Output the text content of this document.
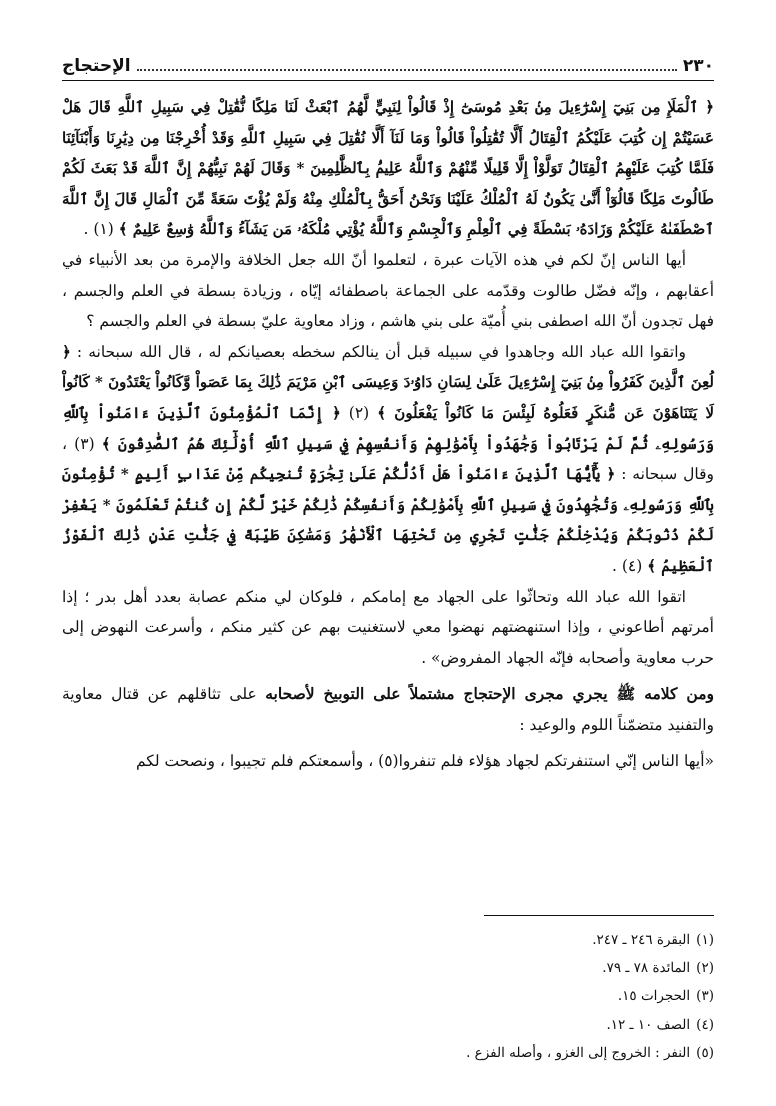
٢٣٠
الإحتجاج

﴿ ٱلْمَلَإِ مِن بَنِيٓ إِسْرَٰٓءِيلَ مِنۢ بَعْدِ مُوسَىٰٓ إِذْ قَالُواْ لِنَبِيٍّ لَّهُمُ ٱبْعَثْ لَنَا مَلِكًا نُّقَٰتِلْ فِي سَبِيلِ ٱللَّهِ قَالَ هَلْ عَسَيْتُمْ إِن كُتِبَ عَلَيْكُمُ ٱلْقِتَالُ أَلَّا تُقَٰتِلُواْ قَالُواْ وَمَا لَنَآ أَلَّا نُقَٰتِلَ فِي سَبِيلِ ٱللَّهِ وَقَدْ أُخْرِجْنَا مِن دِيَٰرِنَا وَأَبْنَآئِنَا فَلَمَّا كُتِبَ عَلَيْهِمُ ٱلْقِتَالُ تَوَلَّوْاْ إِلَّا قَلِيلًا مِّنْهُمْ وَٱللَّهُ عَلِيمُۢ بِٱلظَّٰلِمِينَ * وَقَالَ لَهُمْ نَبِيُّهُمْ إِنَّ ٱللَّهَ قَدْ بَعَثَ لَكُمْ طَالُوتَ مَلِكًا قَالُوٓاْ أَنَّىٰ يَكُونُ لَهُ ٱلْمُلْكُ عَلَيْنَا وَنَحْنُ أَحَقُّ بِٱلْمُلْكِ مِنْهُ وَلَمْ يُؤْتَ سَعَةً مِّنَ ٱلْمَالِ قَالَ إِنَّ ٱللَّهَ ٱصْطَفَىٰهُ عَلَيْكُمْ وَزَادَهُۥ بَسْطَةً فِي ٱلْعِلْمِ وَٱلْجِسْمِ وَٱللَّهُ يُؤْتِي مُلْكَهُۥ مَن يَشَآءُ وَٱللَّهُ وَٰسِعٌ عَلِيمٌ ﴾ (١) .

أيها الناس إنّ لكم في هذه الآيات عبرة ، لتعلموا أنّ الله جعل الخلافة والإمرة من بعد الأنبياء في أعقابهم ، وإنّه فضّل طالوت وقدّمه على الجماعة باصطفائه إيّاه ، وزيادة بسطة في العلم والجسم ، فهل تجدون أنّ الله اصطفى بني أُميّة على بني هاشم ، وزاد معاوية عليّ بسطة في العلم والجسم ؟

واتقوا الله عباد الله وجاهدوا في سبيله قبل أن ينالكم سخطه بعصيانكم له ، قال الله سبحانه : ﴿ لُعِنَ ٱلَّذِينَ كَفَرُواْ مِنۢ بَنِيٓ إِسْرَٰٓءِيلَ عَلَىٰ لِسَانِ دَاوُۥدَ وَعِيسَى ٱبْنِ مَرْيَمَ ذَٰلِكَ بِمَا عَصَواْ وَّكَانُواْ يَعْتَدُونَ * كَانُواْ لَا يَتَنَاهَوْنَ عَن مُّنكَرٍ فَعَلُوهُ لَبِئْسَ مَا كَانُواْ يَفْعَلُونَ ﴾ (٢) ﴿ إِنَّمَا ٱلْمُؤْمِنُونَ ٱلَّذِينَ ءَامَنُواْ بِٱللَّهِ وَرَسُولِهِۦ ثُمَّ لَمْ يَرْتَابُواْ وَجَٰهَدُواْ بِأَمْوَٰلِهِمْ وَأَنفُسِهِمْ فِي سَبِيلِ ٱللَّهِ أُوْلَٰٓئِكَ هُمُ ٱلصَّٰدِقُونَ ﴾ (٣) ، وقال سبحانه : ﴿ يَٰٓأَيُّهَا ٱلَّذِينَ ءَامَنُواْ هَلْ أَدُلُّكُمْ عَلَىٰ تِجَٰرَةٍ تُنجِيكُم مِّنْ عَذَابٍ أَلِيمٍ * تُؤْمِنُونَ بِٱللَّهِ وَرَسُولِهِۦ وَتُجَٰهِدُونَ فِي سَبِيلِ ٱللَّهِ بِأَمْوَٰلِكُمْ وَأَنفُسِكُمْ ذَٰلِكُمْ خَيْرٌ لَّكُمْ إِن كُنتُمْ تَعْلَمُونَ * يَغْفِرْ لَكُمْ ذُنُوبَكُمْ وَيُدْخِلْكُمْ جَنَّٰتٍ تَجْرِي مِن تَحْتِهَا ٱلْأَنْهَٰرُ وَمَسَٰكِنَ طَيِّبَةً فِي جَنَّٰتِ عَدْنٍ ذَٰلِكَ ٱلْفَوْزُ ٱلْعَظِيمُ ﴾ (٤) .

اتقوا الله عباد الله وتحاثّوا على الجهاد مع إمامكم ، فلوكان لي منكم عصابة بعدد أهل بدر ؛ إذا أمرتهم أطاعوني ، وإذا استنهضتهم نهضوا معي لاستغنيت بهم عن كثير منكم ، وأسرعت النهوض إلى حرب معاوية وأصحابه فإنّه الجهاد المفروض» .

ومن كلامه ﷺ يجري مجرى الإحتجاج مشتملاً على التوبيخ لأصحابه على تثاقلهم عن قتال معاوية والتفنيد متضمّناً اللوم والوعيد :

«أيها الناس إنّي استنفرتكم لجهاد هؤلاء فلم تنفروا(٥) ، وأسمعتكم فلم تجيبوا ، ونصحت لكم

(١)البقرة ٢٤٦ ـ ٢٤٧.
(٢)المائدة ٧٨ ـ ٧٩.
(٣)الحجرات ١٥.
(٤)الصف ١٠ ـ ١٢.
(٥)النفر : الخروج إلى الغزو ، وأصله الفزع .
